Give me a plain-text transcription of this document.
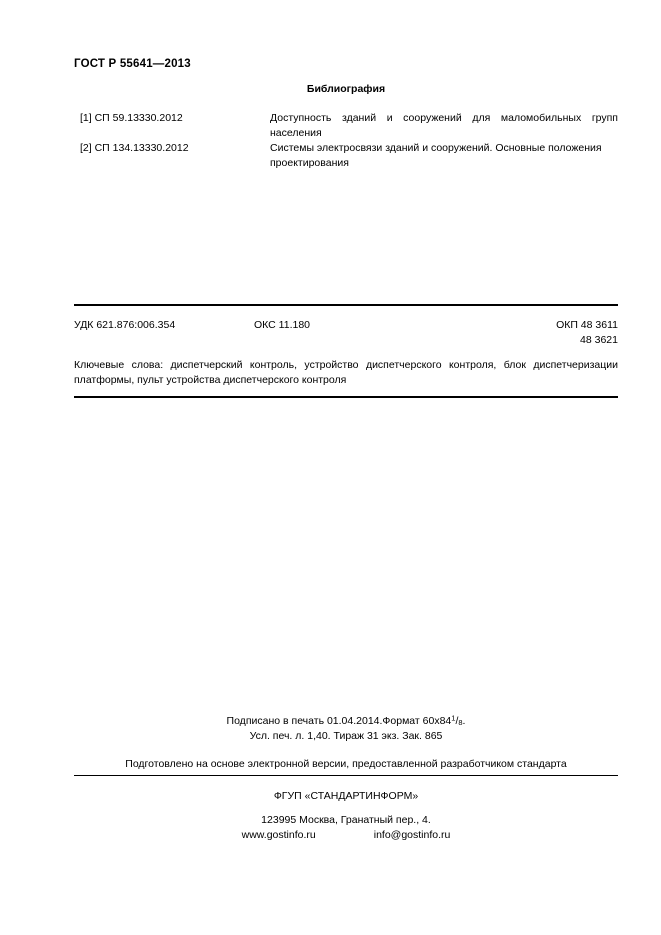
ГОСТ Р 55641—2013
Библиография
[1] СП 59.13330.2012	Доступность зданий и сооружений для маломобильных групп населения
[2] СП 134.13330.2012	Системы электросвязи зданий и сооружений. Основные положения проектирования
УДК 621.876:006.354	ОКС 11.180	ОКП 48 3611
48 3621
Ключевые слова: диспетчерский контроль, устройство диспетчерского контроля, блок диспетчеризации платформы, пульт устройства диспетчерского контроля
Подписано в печать 01.04.2014.Формат $60x84^1/_8$.
Усл. печ. л. 1,40. Тираж 31 экз. Зак. 865
Подготовлено на основе электронной версии, предоставленной разработчиком стандарта
ФГУП «СТАНДАРТИНФОРМ»
123995 Москва, Гранатный пер., 4.
www.gostinfo.ru	info@gostinfo.ru
